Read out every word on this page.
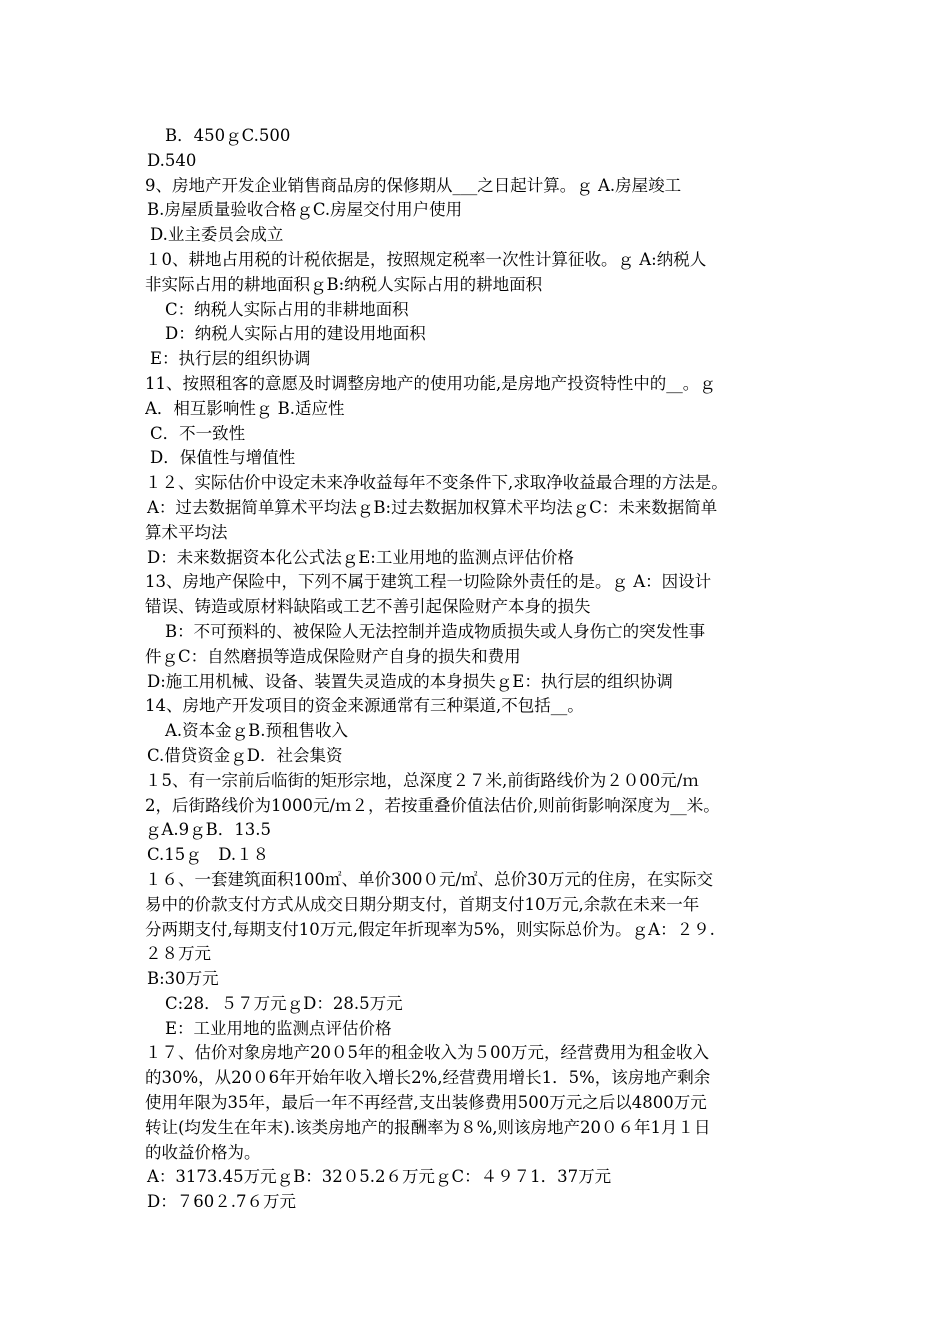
B．450ｇC.500
D.540
9、房地产开发企业销售商品房的保修期从___之日起计算。ｇ A.房屋竣工
B.房屋质量验收合格ｇC.房屋交付用户使用
D.业主委员会成立
１0、耕地占用税的计税依据是，按照规定税率一次性计算征收。ｇ A:纳税人
非实际占用的耕地面积ｇB:纳税人实际占用的耕地面积
C：纳税人实际占用的非耕地面积
D：纳税人实际占用的建设用地面积
E：执行层的组织协调
11、按照租客的意愿及时调整房地产的使用功能,是房地产投资特性中的__。ｇ
A．相互影响性ｇ B.适应性
C．不一致性
D．保值性与增值性
１２、实际估价中设定未来净收益每年不变条件下,求取净收益最合理的方法是。
A：过去数据简单算术平均法ｇB:过去数据加权算术平均法ｇC：未来数据简单
算术平均法
D：未来数据资本化公式法ｇE:工业用地的监测点评估价格
13、房地产保险中，下列不属于建筑工程一切险除外责任的是。ｇ A：因设计
错误、铸造或原材料缺陷或工艺不善引起保险财产本身的损失
B：不可预料的、被保险人无法控制并造成物质损失或人身伤亡的突发性事
件ｇC：自然磨损等造成保险财产自身的损失和费用
D:施工用机械、设备、装置失灵造成的本身损失ｇE：执行层的组织协调
14、房地产开发项目的资金来源通常有三种渠道,不包括__。
A.资本金ｇB.预租售收入
C.借贷资金ｇD．社会集资
１5、有一宗前后临街的矩形宗地，总深度２７米,前街路线价为２０00元/ｍ
2，后街路线价为1000元/ｍ２，若按重叠价值法估价,则前街影响深度为__米。
ｇA.9ｇB．13.5
C.15ｇ　D.１８
１６、一套建筑面积100㎡、单价300０元/㎡、总价30万元的住房，在实际交
易中的价款支付方式从成交日期分期支付，首期支付10万元,余款在未来一年
分两期支付,每期支付10万元,假定年折现率为5%，则实际总价为。ｇA：２９.
２８万元
B:30万元
C:28．５７万元ｇD：28.5万元
E：工业用地的监测点评估价格
１７、估价对象房地产20０5年的租金收入为５00万元，经营费用为租金收入
的30%，从20０6年开始年收入增长2%,经营费用增长1．5%，该房地产剩余
使用年限为35年，最后一年不再经营,支出装修费用500万元之后以4800万元
转让(均发生在年末).该类房地产的报酬率为８%,则该房地产20０６年1月１日
的收益价格为。
A：3173.45万元ｇB：32０5.2６万元ｇC：４９７1．37万元
D：７60２.7６万元
